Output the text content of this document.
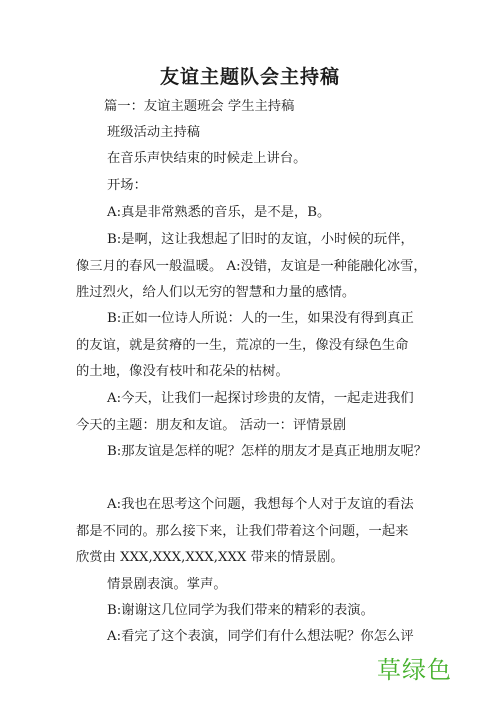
友谊主题队会主持稿

篇一：友谊主题班会 学生主持稿

班级活动主持稿

在音乐声快结束的时候走上讲台。

开场：

A:真是非常熟悉的音乐，是不是，B。

B:是啊，这让我想起了旧时的友谊，小时候的玩伴，

像三月的春风一般温暖。 A:没错，友谊是一种能融化冰雪，

胜过烈火，给人们以无穷的智慧和力量的感情。

B:正如一位诗人所说：人的一生，如果没有得到真正

的友谊，就是贫瘠的一生，荒凉的一生，像没有绿色生命

的土地，像没有枝叶和花朵的枯树。

A:今天，让我们一起探讨珍贵的友情，一起走进我们

今天的主题：朋友和友谊。 活动一：评情景剧

B:那友谊是怎样的呢？怎样的朋友才是真正地朋友呢？

A:我也在思考这个问题，我想每个人对于友谊的看法

都是不同的。那么接下来，让我们带着这个问题，一起来

欣赏由 XXX,XXX,XXX,XXX 带来的情景剧。

情景剧表演。掌声。

B:谢谢这几位同学为我们带来的精彩的表演。

A:看完了这个表演，同学们有什么想法呢？你怎么评

草绿色
